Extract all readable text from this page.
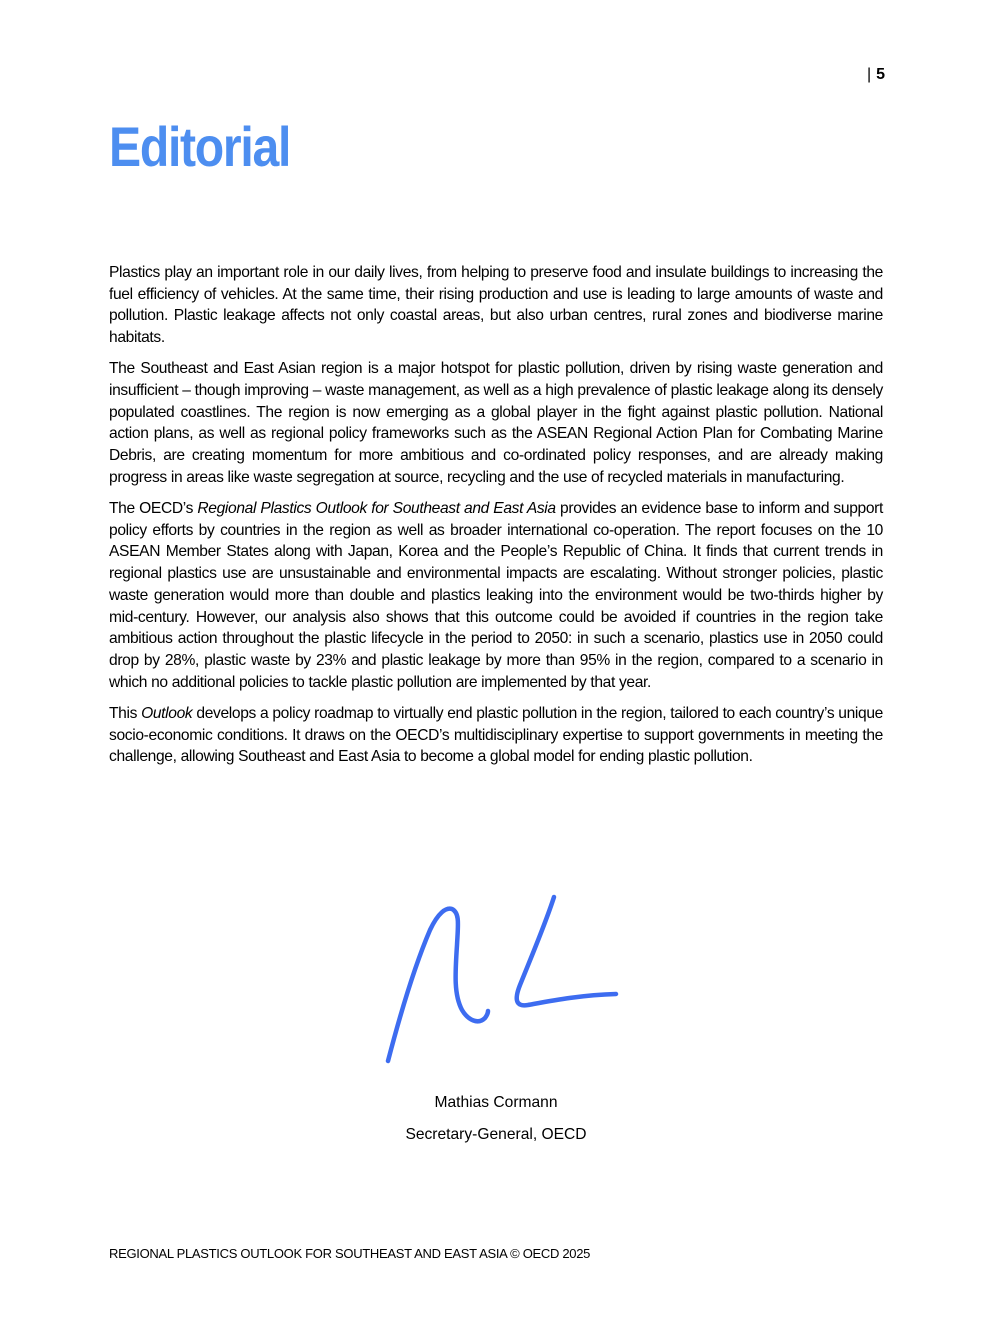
| 5
Editorial

Plastics play an important role in our daily lives, from helping to preserve food and insulate buildings to increasing the fuel efficiency of vehicles. At the same time, their rising production and use is leading to large amounts of waste and pollution. Plastic leakage affects not only coastal areas, but also urban centres, rural zones and biodiverse marine habitats.

The Southeast and East Asian region is a major hotspot for plastic pollution, driven by rising waste generation and insufficient – though improving – waste management, as well as a high prevalence of plastic leakage along its densely populated coastlines. The region is now emerging as a global player in the fight against plastic pollution. National action plans, as well as regional policy frameworks such as the ASEAN Regional Action Plan for Combating Marine Debris, are creating momentum for more ambitious and co-ordinated policy responses, and are already making progress in areas like waste segregation at source, recycling and the use of recycled materials in manufacturing.

The OECD’s Regional Plastics Outlook for Southeast and East Asia provides an evidence base to inform and support policy efforts by countries in the region as well as broader international co-operation. The report focuses on the 10 ASEAN Member States along with Japan, Korea and the People’s Republic of China. It finds that current trends in regional plastics use are unsustainable and environmental impacts are escalating. Without stronger policies, plastic waste generation would more than double and plastics leaking into the environment would be two-thirds higher by mid-century. However, our analysis also shows that this outcome could be avoided if countries in the region take ambitious action throughout the plastic lifecycle in the period to 2050: in such a scenario, plastics use in 2050 could drop by 28%, plastic waste by 23% and plastic leakage by more than 95% in the region, compared to a scenario in which no additional policies to tackle plastic pollution are implemented by that year.

This Outlook develops a policy roadmap to virtually end plastic pollution in the region, tailored to each country’s unique socio-economic conditions. It draws on the OECD’s multidisciplinary expertise to support governments in meeting the challenge, allowing Southeast and East Asia to become a global model for ending plastic pollution.

Mathias Cormann
Secretary-General, OECD
REGIONAL PLASTICS OUTLOOK FOR SOUTHEAST AND EAST ASIA © OECD 2025
